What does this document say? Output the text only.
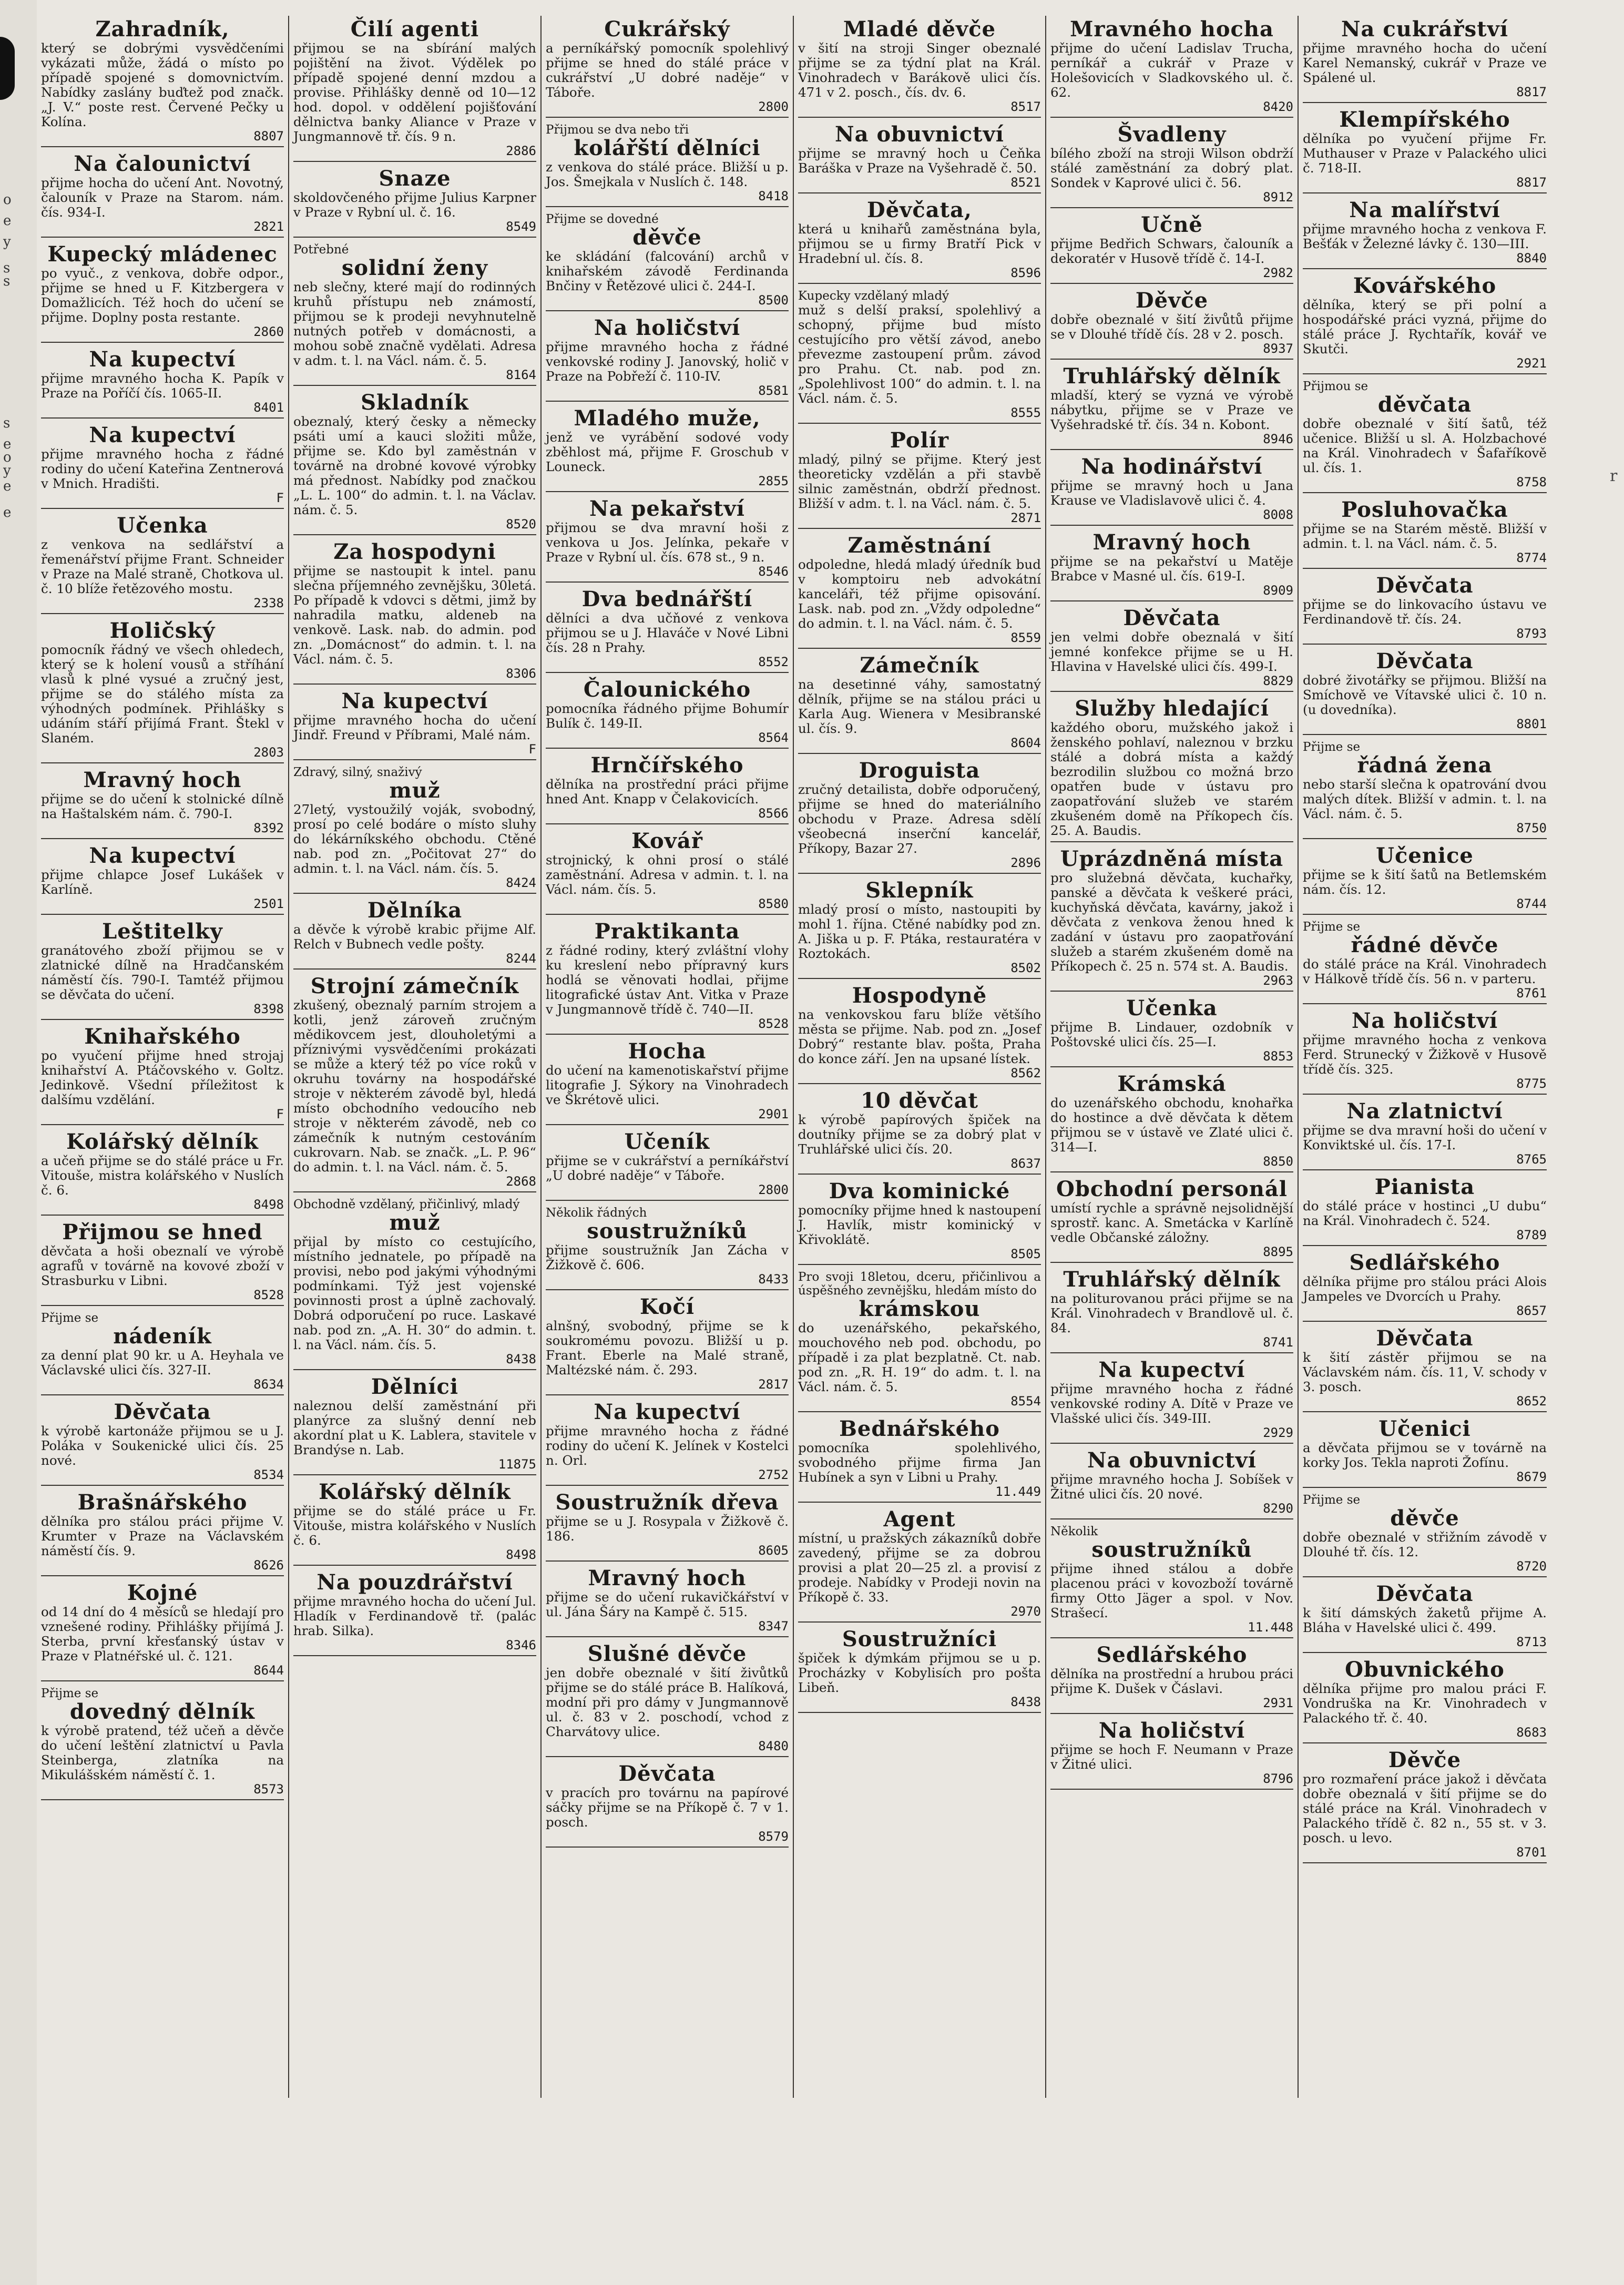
o
e
y
s
s
s
e
o
y
e
e
Zahradník,
který se dobrými vysvědčeními vykázati může, žádá o místo po případě spojené s domovnictvím. Nabídky zaslány buďtež pod značk. „J. V.“ poste rest. Červené Pečky u Kolína.
8807
Na čalounictví
přijme hocha do učení Ant. Novotný, čalouník v Praze na Starom. nám. čís. 934-I.
2821
Kupecký mládenec
po vyuč., z venkova, dobře odpor., přijme se hned u F. Kitzbergera v Domažlicích. Též hoch do učení se přijme. Doplny posta restante.
2860
Na kupectví
přijme mravného hocha K. Papík v Praze na Poříčí čís. 1065-II.
8401
Na kupectví
přijme mravného hocha z řádné rodiny do učení Kateřina Zentnerová v Mnich. Hradišti.
F
Učenka
z venkova na sedlářství a řemenářství přijme Frant. Schneider v Praze na Malé straně, Chotkova ul. č. 10 blíže řetězového mostu.
2338
Holičský
pomocník řádný ve všech ohledech, který se k holení vousů a stříhání vlasů k plné vysué a zručný jest, přijme se do stálého místa za výhodných podmínek. Přihlášky s udáním stáří přijímá Frant. Štekl v Slaném.
2803
Mravný hoch
přijme se do učení k stolnické dílně na Haštalském nám. č. 790-I.
8392
Na kupectví
přijme chlapce Josef Lukášek v Karlíně.
2501
Leštitelky
granátového zboží přijmou se v zlatnické dílně na Hradčanském náměstí čís. 790-I. Tamtéž přijmou se děvčata do učení.
8398
Knihařského
po vyučení přijme hned strojaj knihařství A. Ptáčovského v. Goltz. Jedinkově. Všední příležitost k dalšímu vzdělání.
F
Kolářský dělník
a učeň přijme se do stálé práce u Fr. Vitouše, mistra kolářského v Nuslích č. 6.
8498
Přijmou se hned
děvčata a hoši obeznalí ve výrobě agrafů v továrně na kovové zboží v Strasburku v Libni.
8528
Přijme se
nádeník
za denní plat 90 kr. u A. Heyhala ve Václavské ulici čís. 327-II.
8634
Děvčata
k výrobě kartonáže přijmou se u J. Poláka v Soukenické ulici čís. 25 nové.
8534
Brašnářského
dělníka pro stálou práci přijme V. Krumter v Praze na Václavském náměstí čís. 9.
8626
Kojné
od 14 dní do 4 měsíců se hledají pro vznešené rodiny. Přihlášky přijímá J. Sterba, první křesťanský ústav v Praze v Platnéřské ul. č. 121.
8644
Přijme se
dovedný dělník
k výrobě pratend, též učeň a děvče do učení leštění zlatnictví u Pavla Steinberga, zlatníka na Mikulášském náměstí č. 1.
8573
Čilí agenti
přijmou se na sbírání malých pojištění na život. Výdělek po případě spojené denní mzdou a provise. Přihlášky denně od 10—12 hod. dopol. v oddělení pojišťování dělnictva banky Aliance v Praze v Jungmannově tř. čís. 9 n.
2886
Snaze
skoldovčeného přijme Julius Karpner v Praze v Rybní ul. č. 16.
8549
Potřebné
solidní ženy
neb slečny, které mají do rodinných kruhů přístupu neb známostí, přijmou se k prodeji nevyhnutelně nutných potřeb v domácnosti, a mohou sobě značně vydělati. Adresa v adm. t. l. na Václ. nám. č. 5.
8164
Skladník
obeznalý, který česky a německy psáti umí a kauci složiti může, přijme se. Kdo byl zaměstnán v továrně na drobné kovové výrobky má přednost. Nabídky pod značkou „L. L. 100“ do admin. t. l. na Václav. nám. č. 5.
8520
Za hospodyni
přijme se nastoupit k intel. panu slečna příjemného zevnějšku, 30letá. Po případě k vdovci s dětmi, jimž by nahradila matku, aldeneb na venkově. Lask. nab. do admin. pod zn. „Domácnost“ do admin. t. l. na Václ. nám. č. 5.
8306
Na kupectví
přijme mravného hocha do učení Jindř. Freund v Příbrami, Malé nám.
F
Zdravý, silný, snaživý
muž
27letý, vystoužilý voják, svobodný, prosí po celé bodáre o místo sluhy do lékárníkského obchodu. Ctěné nab. pod zn. „Počitovat 27“ do admin. t. l. na Václ. nám. čís. 5.
8424
Dělníka
a děvče k výrobě krabic přijme Alf. Relch v Bubnech vedle pošty.
8244
Strojní zámečník
zkušený, obeznalý parním strojem a kotli, jenž zároveň zručným mědikovcem jest, dlouholetými a příznivými vysvědčeními prokázati se může a který též po více roků v okruhu továrny na hospodářské stroje v některém závodě byl, hledá místo obchodního vedoucího neb stroje v některém závodě, neb co zámečník k nutným cestováním cukrovarn. Nab. se značk. „L. P. 96“ do admin. t. l. na Václ. nám. č. 5.
2868
Obchodně vzdělaný, přičinlivý, mladý
muž
přijal by místo co cestujícího, místního jednatele, po případě na provisi, nebo pod jakými výhodnými podmínkami. Týž jest vojenské povinnosti prost a úplně zachovalý. Dobrá odporučení po ruce. Laskavé nab. pod zn. „A. H. 30“ do admin. t. l. na Václ. nám. čís. 5.
8438
Dělníci
naleznou delší zaměstnání při planýrce za slušný denní neb akordní plat u K. Lablera, stavitele v Brandýse n. Lab.
11875
Kolářský dělník
přijme se do stálé práce u Fr. Vitouše, mistra kolářského v Nuslích č. 6.
8498
Na pouzdrářství
přijme mravného hocha do učení Jul. Hladík v Ferdinandově tř. (palác hrab. Silka).
8346
Cukrářský
a perníkářský pomocník spolehlivý přijme se hned do stálé práce v cukrářství „U dobré naděje“ v Táboře.
2800
Přijmou se dva nebo tři
kolářští dělníci
z venkova do stálé práce. Bližší u p. Jos. Šmejkala v Nuslích č. 148.
8418
Přijme se dovedné
děvče
ke skládání (falcování) archů v knihařském závodě Ferdinanda Bnčiny v Řetězové ulici č. 244-I.
8500
Na holičství
přijme mravného hocha z řádné venkovské rodiny J. Janovský, holič v Praze na Pobřeží č. 110-IV.
8581
Mladého muže,
jenž ve vyrábění sodové vody zběhlost má, přijme F. Groschub v Louneck.
2855
Na pekařství
přijmou se dva mravní hoši z venkova u Jos. Jelínka, pekaře v Praze v Rybní ul. čís. 678 st., 9 n.
8546
Dva bednářští
dělníci a dva učňové z venkova přijmou se u J. Hlaváče v Nové Libni čís. 28 n Prahy.
8552
Čalounického
pomocníka řádného přijme Bohumír Bulík č. 149-II.
8564
Hrnčířského
dělníka na prostřední práci přijme hned Ant. Knapp v Čelakovicích.
8566
Kovář
strojnický, k ohni prosí o stálé zaměstnání. Adresa v admin. t. l. na Václ. nám. čís. 5.
8580
Praktikanta
z řádné rodiny, který zvláštní vlohy ku kreslení nebo přípravný kurs hodlá se věnovati hodlai, přijme litografické ústav Ant. Vitka v Praze v Jungmannově třídě č. 740—II.
8528
Hocha
do učení na kamenotiskařství přijme litografie J. Sýkory na Vinohradech ve Škrétově ulici.
2901
Učeník
přijme se v cukrářství a perníkářství „U dobré naděje“ v Táboře.
2800
Několik řádných
soustružníků
přijme soustružník Jan Zácha v Žižkově č. 606.
8433
Kočí
alnšný, svobodný, přijme se k soukromému povozu. Bližší u p. Frant. Eberle na Malé straně, Maltézské nám. č. 293.
2817
Na kupectví
přijme mravného hocha z řádné rodiny do učení K. Jelínek v Kostelci n. Orl.
2752
Soustružník dřeva
přijme se u J. Rosypala v Žižkově č. 186.
8605
Mravný hoch
přijme se do učení rukavičkářství v ul. Jána Šáry na Kampě č. 515.
8347
Slušné děvče
jen dobře obeznalé v šití živůtků přijme se do stálé práce B. Halíková, modní při pro dámy v Jungmannově ul. č. 83 v 2. poschodí, vchod z Charvátovy ulice.
8480
Děvčata
v pracích pro továrnu na papírové sáčky přijme se na Příkopě č. 7 v 1. posch.
8579
Mladé děvče
v šití na stroji Singer obeznalé přijme se za týdní plat na Král. Vinohradech v Barákově ulici čís. 471 v 2. posch., čís. dv. 6.
8517
Na obuvnictví
přijme se mravný hoch u Čeňka Baráška v Praze na Vyšehradě č. 50.
8521
Děvčata,
která u knihařů zaměstnána byla, přijmou se u firmy Bratří Pick v Hradební ul. čís. 8.
8596
Kupecky vzdělaný mladý
muž s delší praksí, spolehlivý a schopný, přijme bud místo cestujícího pro větší závod, anebo převezme zastoupení prům. závod pro Prahu. Ct. nab. pod zn. „Spolehlivost 100“ do admin. t. l. na Václ. nám. č. 5.
8555
Polír
mladý, pilný se přijme. Který jest theoreticky vzdělán a při stavbě silnic zaměstnán, obdrží přednost. Bližší v adm. t. l. na Václ. nám. č. 5.
2871
Zaměstnání
odpoledne, hledá mladý úředník bud v komptoiru neb advokátní kanceláři, též přijme opisování. Lask. nab. pod zn. „Vždy odpoledne“ do admin. t. l. na Václ. nám. č. 5.
8559
Zámečník
na desetinné váhy, samostatný dělník, přijme se na stálou práci u Karla Aug. Wienera v Mesibranské ul. čís. 9.
8604
Droguista
zručný detailista, dobře odporučený, přijme se hned do materiálního obchodu v Praze. Adresa sdělí všeobecná inserční kancelář, Příkopy, Bazar 27.
2896
Sklepník
mladý prosí o místo, nastoupiti by mohl 1. října. Ctěné nabídky pod zn. A. Jiška u p. F. Ptáka, restauratéra v Roztokách.
8502
Hospodyně
na venkovskou faru blíže většího města se přijme. Nab. pod zn. „Josef Dobrý“ restante blav. pošta, Praha do konce září. Jen na upsané lístek.
8562
10 děvčat
k výrobě papírových špiček na doutníky přijme se za dobrý plat v Truhlářské ulici čís. 20.
8637
Dva kominické
pomocníky přijme hned k nastoupení J. Havlík, mistr kominický v Křivoklátě.
8505
Pro svoji 18letou, dceru, přičinlivou a úspěšného zevnějšku, hledám místo do
krámskou
do uzenářského, pekařského, mouchového neb pod. obchodu, po případě i za plat bezplatně. Ct. nab. pod zn. „R. H. 19“ do adm. t. l. na Václ. nám. č. 5.
8554
Bednářského
pomocníka spolehlivého, svobodného přijme firma Jan Hubínek a syn v Libni u Prahy.
11.449
Agent
místní, u pražských zákazníků dobře zavedený, přijme se za dobrou provisi a plat 20—25 zl. a provisí z prodeje. Nabídky v Prodeji novin na Příkopě č. 33.
2970
Soustružníci
špiček k dýmkám přijmou se u p. Procházky v Kobylisích pro pošta Libeň.
8438
Mravného hocha
přijme do učení Ladislav Trucha, perníkář a cukrář v Praze v Holešovicích v Sladkovského ul. č. 62.
8420
Švadleny
bílého zboží na stroji Wilson obdrží stálé zaměstnání za dobrý plat. Sondek v Kaprové ulici č. 56.
8912
Učně
přijme Bedřich Schwars, čalouník a dekoratér v Husově třídě č. 14-I.
2982
Děvče
dobře obeznalé v šití živůtů přijme se v Dlouhé třídě čís. 28 v 2. posch.
8937
Truhlářský dělník
mladší, který se vyzná ve výrobě nábytku, přijme se v Praze ve Vyšehradské tř. čís. 34 n. Kobont.
8946
Na hodinářství
přijme se mravný hoch u Jana Krause ve Vladislavově ulici č. 4.
8008
Mravný hoch
přijme se na pekařství u Matěje Brabce v Masné ul. čís. 619-I.
8909
Děvčata
jen velmi dobře obeznalá v šití jemné konfekce přijme se u H. Hlavina v Havelské ulici čís. 499-I.
8829
Služby hledající
každého oboru, mužského jakož i ženského pohlaví, naleznou v brzku stálé a dobrá místa a každý bezrodilin službou co možná brzo opatřen bude v ústavu pro zaopatřování služeb ve starém zkušeném domě na Příkopech čís. 25. A. Baudis.
Uprázdněná místa
pro služebná děvčata, kuchařky, panské a děvčata k veškeré práci, kuchyňská děvčata, kavárny, jakož i děvčata z venkova ženou hned k zadání v ústavu pro zaopatřování služeb a starém zkušeném domě na Příkopech č. 25 n. 574 st. A. Baudis.
2963
Učenka
přijme B. Lindauer, ozdobník v Poštovské ulici čís. 25—I.
8853
Krámská
do uzenářského obchodu, knohařka do hostince a dvě děvčata k dětem přijmou se v ústavě ve Zlaté ulici č. 314—I.
8850
Obchodní personál
umístí rychle a správně nejsolidnější sprostř. kanc. A. Smetácka v Karlíně vedle Občanské záložny.
8895
Truhlářský dělník
na politurovanou práci přijme se na Král. Vinohradech v Brandlově ul. č. 84.
8741
Na kupectví
přijme mravného hocha z řádné venkovské rodiny A. Dítě v Praze ve Vlašské ulici čís. 349-III.
2929
Na obuvnictví
přijme mravného hocha J. Sobíšek v Žitné ulici čís. 20 nové.
8290
Několik
soustružníků
přijme ihned stálou a dobře placenou práci v kovozboží továrně firmy Otto Jäger a spol. v Nov. Strašecí.
11.448
Sedlářského
dělníka na prostřední a hrubou práci přijme K. Dušek v Čáslavi.
2931
Na holičství
přijme se hoch F. Neumann v Praze v Žitné ulici.
8796
Na cukrářství
přijme mravného hocha do učení Karel Nemanský, cukrář v Praze ve Spálené ul.
8817
Klempířského
dělníka po vyučení přijme Fr. Muthauser v Praze v Palackého ulici č. 718-II.
8817
Na malířství
přijme mravného hocha z venkova F. Bešťák v Železné lávky č. 130—III.
8840
Kovářského
dělníka, který se při polní a hospodářské práci vyzná, přijme do stálé práce J. Rychtařík, kovář ve Skutči.
2921
Přijmou se
děvčata
dobře obeznalé v šití šatů, též učenice. Bližší u sl. A. Holzbachové na Král. Vinohradech v Šafaříkově ul. čís. 1.
8758
Posluhovačka
přijme se na Starém městě. Bližší v admin. t. l. na Václ. nám. č. 5.
8774
Děvčata
přijme se do linkovacího ústavu ve Ferdinandově tř. čís. 24.
8793
Děvčata
dobré životářky se přijmou. Bližší na Smíchově ve Vítavské ulici č. 10 n. (u dovedníka).
8801
Přijme se
řádná žena
nebo starší slečna k opatrování dvou malých dítek. Bližší v admin. t. l. na Václ. nám. č. 5.
8750
Učenice
přijme se k šití šatů na Betlemském nám. čís. 12.
8744
Přijme se
řádné děvče
do stálé práce na Král. Vinohradech v Hálkově třídě čís. 56 n. v parteru.
8761
Na holičství
přijme mravného hocha z venkova Ferd. Strunecký v Žižkově v Husově třídě čís. 325.
8775
Na zlatnictví
přijme se dva mravní hoši do učení v Konviktské ul. čís. 17-I.
8765
Pianista
do stálé práce v hostinci „U dubu“ na Král. Vinohradech č. 524.
8789
Sedlářského
dělníka přijme pro stálou práci Alois Jampeles ve Dvorcích u Prahy.
8657
Děvčata
k šití zástěr přijmou se na Václavském nám. čís. 11, V. schody v 3. posch.
8652
Učenici
a děvčata přijmou se v továrně na korky Jos. Tekla naproti Žofínu.
8679
Přijme se
děvče
dobře obeznalé v střižním závodě v Dlouhé tř. čís. 12.
8720
Děvčata
k šití dámských žaketů přijme A. Bláha v Havelské ulici č. 499.
8713
Obuvnického
dělníka přijme pro malou práci F. Vondruška na Kr. Vinohradech v Palackého tř. č. 40.
8683
Děvče
pro rozmaření práce jakož i děvčata dobře obeznalá v šití přijme se do stálé práce na Král. Vinohradech v Palackého třídě č. 82 n., 55 st. v 3. posch. u levo.
8701
r
